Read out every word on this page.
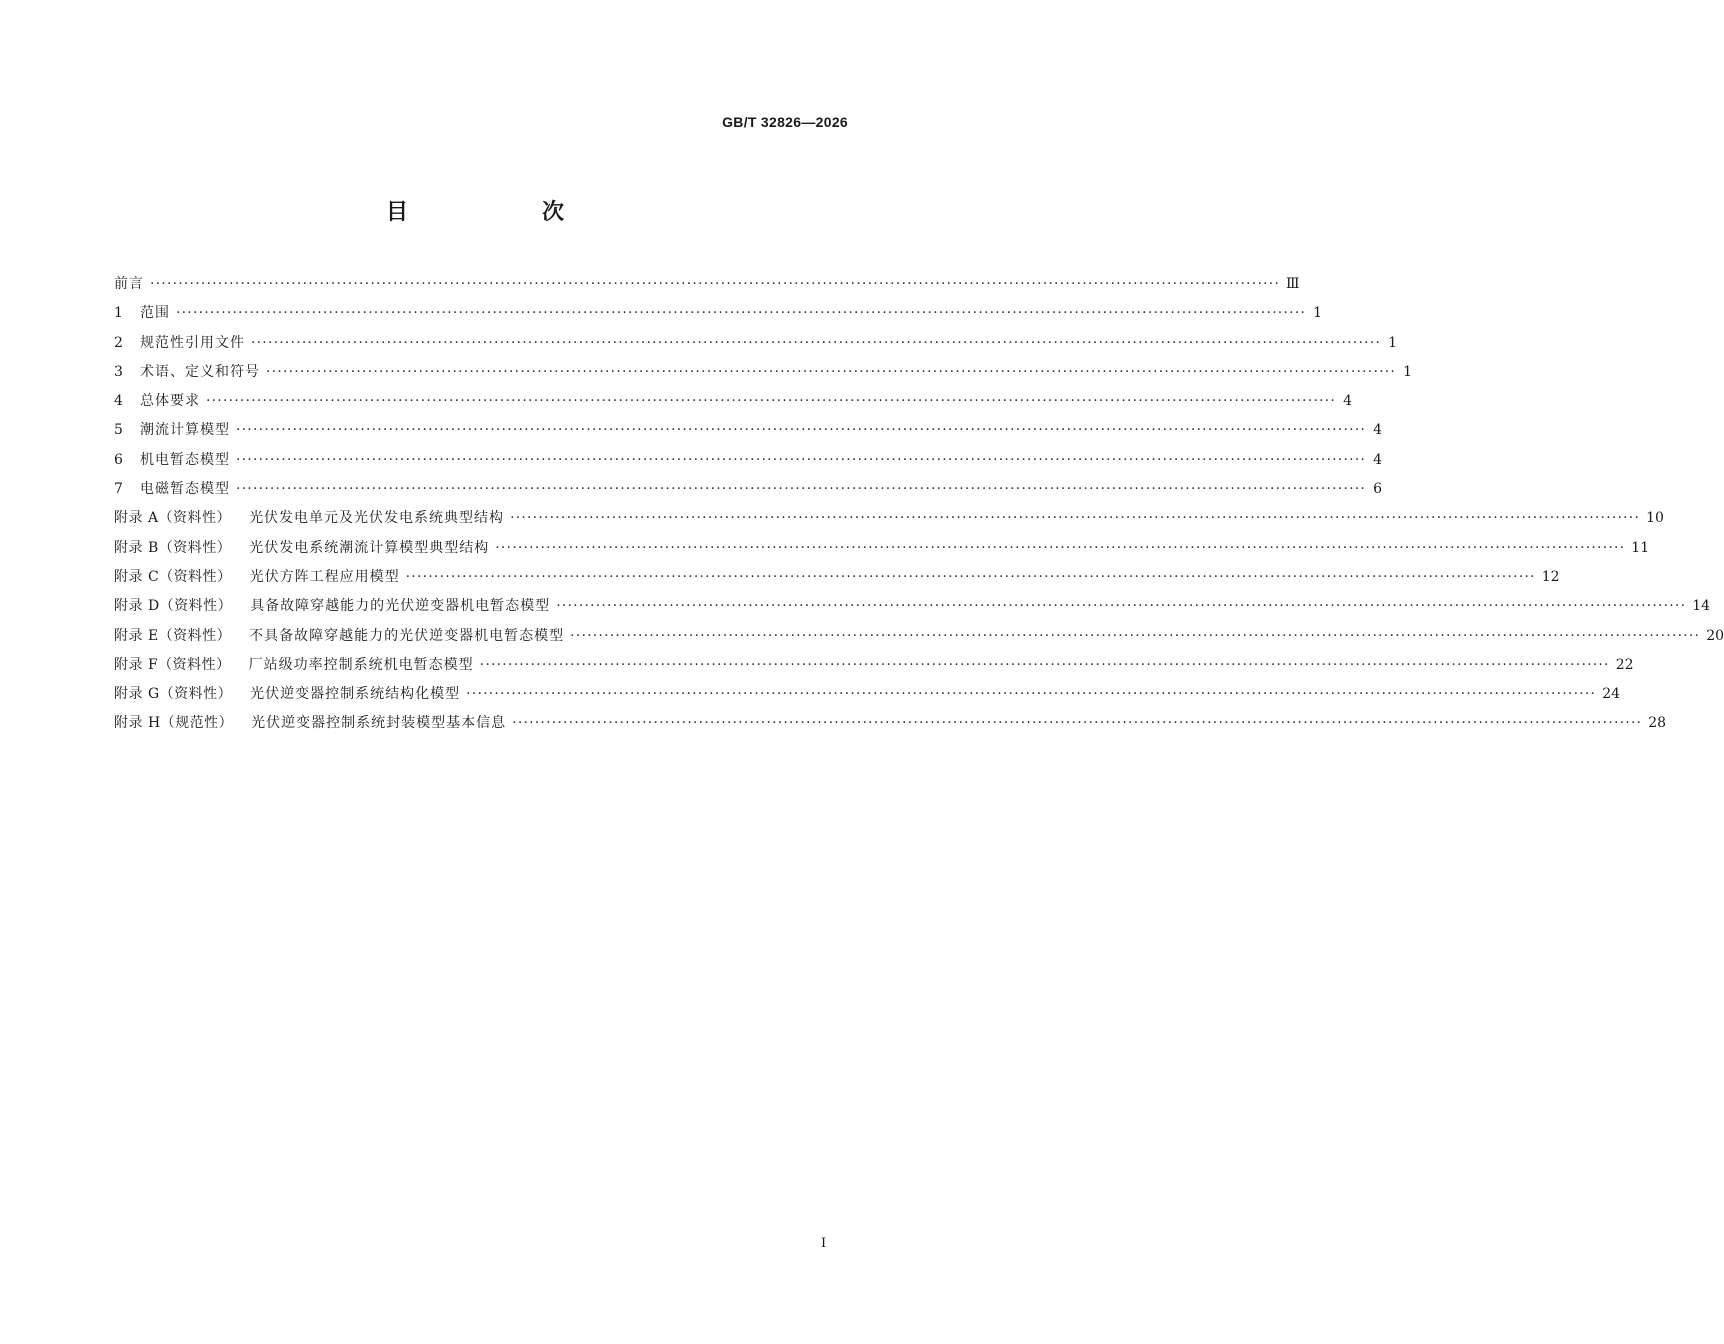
GB/T 32826—2026
目　次
前言 ········································································································································································································ Ⅲ
1	范围 ········································································································································································································ 1
2	规范性引用文件 ········································································································································································································ 1
3	术语、定义和符号 ········································································································································································································ 1
4	总体要求 ········································································································································································································ 4
5	潮流计算模型 ········································································································································································································ 4
6	机电暂态模型 ········································································································································································································ 4
7	电磁暂态模型 ········································································································································································································ 6
附录 A（资料性） 光伏发电单元及光伏发电系统典型结构 ········································································································································································································ 10
附录 B（资料性） 光伏发电系统潮流计算模型典型结构 ········································································································································································································ 11
附录 C（资料性） 光伏方阵工程应用模型 ········································································································································································································ 12
附录 D（资料性） 具备故障穿越能力的光伏逆变器机电暂态模型 ········································································································································································································ 14
附录 E（资料性） 不具备故障穿越能力的光伏逆变器机电暂态模型 ········································································································································································································ 20
附录 F（资料性） 厂站级功率控制系统机电暂态模型 ········································································································································································································ 22
附录 G（资料性） 光伏逆变器控制系统结构化模型 ········································································································································································································ 24
附录 H（规范性） 光伏逆变器控制系统封装模型基本信息 ········································································································································································································ 28
I
